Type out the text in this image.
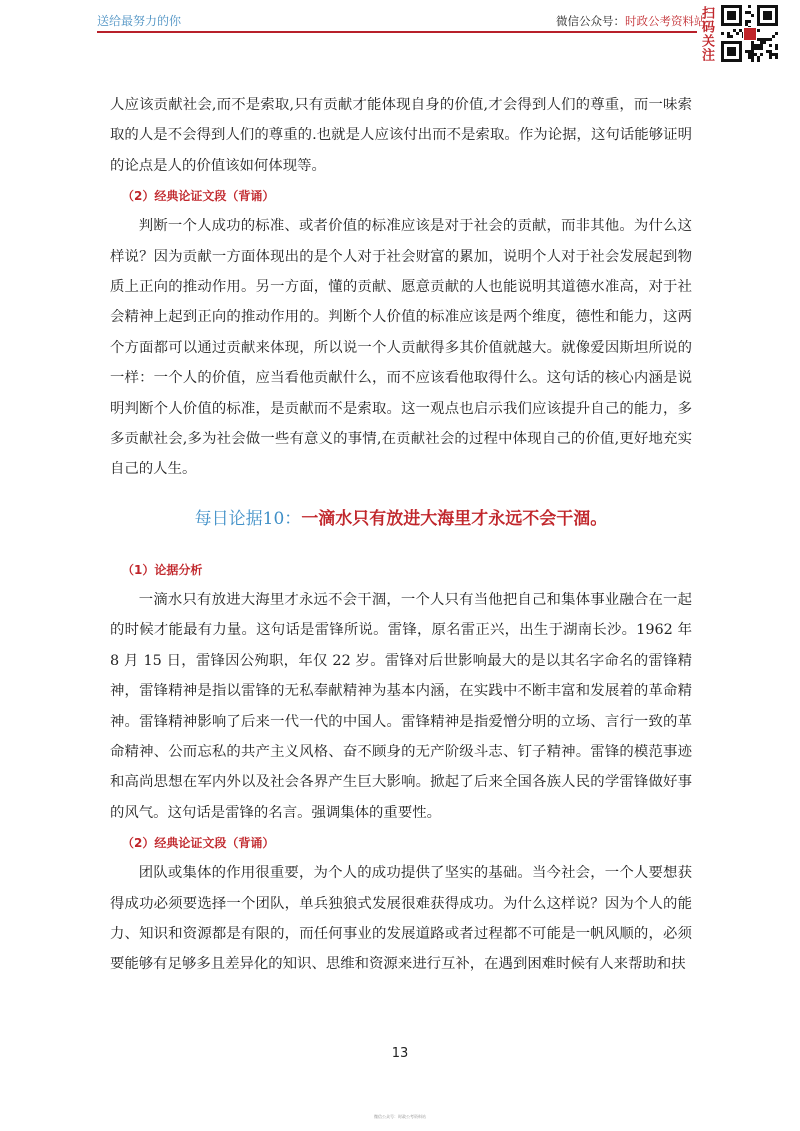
送给最努力的你	微信公众号：时政公考资料站
扫码关注

人应该贡献社会,而不是索取,只有贡献才能体现自身的价值,才会得到人们的尊重，而一味索取的人是不会得到人们的尊重的.也就是人应该付出而不是索取。作为论据，这句话能够证明的论点是人的价值该如何体现等。

（2）经典论证文段（背诵）

判断一个人成功的标准、或者价值的标准应该是对于社会的贡献，而非其他。为什么这样说？因为贡献一方面体现出的是个人对于社会财富的累加，说明个人对于社会发展起到物质上正向的推动作用。另一方面，懂的贡献、愿意贡献的人也能说明其道德水准高，对于社会精神上起到正向的推动作用的。判断个人价值的标准应该是两个维度，德性和能力，这两个方面都可以通过贡献来体现，所以说一个人贡献得多其价值就越大。就像爱因斯坦所说的一样：一个人的价值，应当看他贡献什么，而不应该看他取得什么。这句话的核心内涵是说明判断个人价值的标准，是贡献而不是索取。这一观点也启示我们应该提升自己的能力，多多贡献社会,多为社会做一些有意义的事情,在贡献社会的过程中体现自己的价值,更好地充实自己的人生。

每日论据10：一滴水只有放进大海里才永远不会干涸。
（1）论据分析

一滴水只有放进大海里才永远不会干涸，一个人只有当他把自己和集体事业融合在一起的时候才能最有力量。这句话是雷锋所说。雷锋，原名雷正兴，出生于湖南长沙。1962 年 8 月 15 日，雷锋因公殉职，年仅 22 岁。雷锋对后世影响最大的是以其名字命名的雷锋精神，雷锋精神是指以雷锋的无私奉献精神为基本内涵，在实践中不断丰富和发展着的革命精神。雷锋精神影响了后来一代一代的中国人。雷锋精神是指爱憎分明的立场、言行一致的革命精神、公而忘私的共产主义风格、奋不顾身的无产阶级斗志、钉子精神。雷锋的模范事迹和高尚思想在军内外以及社会各界产生巨大影响。掀起了后来全国各族人民的学雷锋做好事的风气。这句话是雷锋的名言。强调集体的重要性。

（2）经典论证文段（背诵）

团队或集体的作用很重要，为个人的成功提供了坚实的基础。当今社会，一个人要想获得成功必须要选择一个团队，单兵独狼式发展很难获得成功。为什么这样说？因为个人的能力、知识和资源都是有限的，而任何事业的发展道路或者过程都不可能是一帆风顺的，必须要能够有足够多且差异化的知识、思维和资源来进行互补，在遇到困难时候有人来帮助和扶

13
微信公众号：时政公考资料站
